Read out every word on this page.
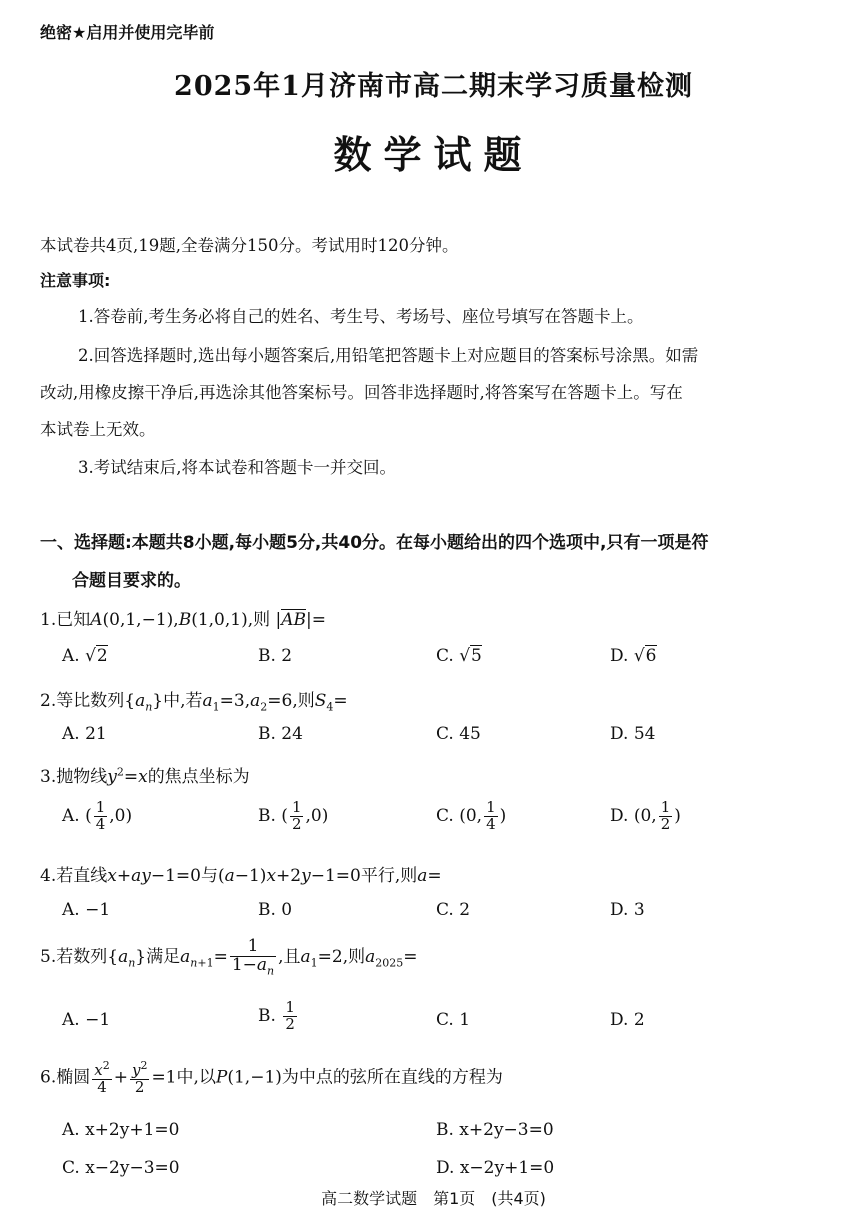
绝密★启用并使用完毕前
2025年1月济南市高二期末学习质量检测
数学试题
本试卷共4页,19题,全卷满分150分。考试用时120分钟。
注意事项:
1.答卷前,考生务必将自己的姓名、考生号、考场号、座位号填写在答题卡上。
2.回答选择题时,选出每小题答案后,用铅笔把答题卡上对应题目的答案标号涂黑。如需
改动,用橡皮擦干净后,再选涂其他答案标号。回答非选择题时,将答案写在答题卡上。写在
本试卷上无效。
3.考试结束后,将本试卷和答题卡一并交回。
一、选择题:本题共8小题,每小题5分,共40分。在每小题给出的四个选项中,只有一项是符
合题目要求的。
1.已知A(0,1,−1),B(1,0,1),则 |AB|=
A. √2	B. 2	C. √5	D. √6
2.等比数列$\{a_n\}$中,若$a_1=3,a_2=6$,则$S_4=$
A. 21	B. 24	C. 45	D. 54
3.抛物线$y^2=x$的焦点坐标为
A. ( $\frac{1}{4} ,0$)	B. ( $\frac{1}{2} ,0$)	C. (0, $\frac{1}{4}$ )	D. (0, $\frac{1}{2}$ )
4.若直线x+ay−1=0与(a−1)x+2y−1=0平行,则a=
A. −1	B. 0	C. 2	D. 3
5.若数列$\{a_n\}$满足$a_{n+1}= \frac{1}{1-a_n}$ ,且$a_1=2$,则$a_{2025}=$
A. −1	B. $\frac{1}{2}$	C. 1	D. 2
6.椭圆 $\frac{x^2}{4} + \frac{y^2}{2} =1$中,以P(1,−1)为中点的弦所在直线的方程为
A. x+2y+1=0	B. x+2y−3=0
C. x−2y−3=0	D. x−2y+1=0
高二数学试题　第1页　(共4页)
